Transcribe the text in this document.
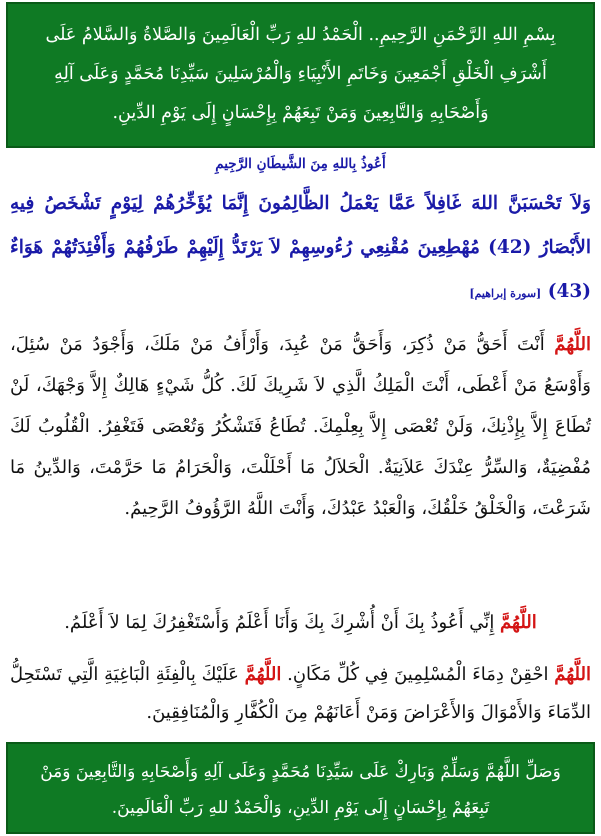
بِسْمِ اللهِ الرَّحْمَنِ الرَّحِيمِ.. الْحَمْدُ للهِ رَبِّ الْعَالَمِينَ وَالصَّلاةُ وَالسَّلامُ عَلَى أَشْرَفِ الْخَلْقِ أَجْمَعِينَ وَخَاتَمِ الأَنْبِيَاءِ وَالْمُرْسَلِينَ سَيِّدِنَا مُحَمَّدٍ وَعَلَى آلِهِ وَأَصْحَابِهِ وَالتَّابِعِينَ وَمَنْ تَبِعَهُمْ بِإِحْسَانٍ إِلَى يَوْمِ الدِّينِ.
أَعُوذُ بِاللهِ مِنَ الشَّيطَانِ الرَّجِيمِ
وَلاَ تَحْسَبَنَّ اللهَ غَافِلاً عَمَّا يَعْمَلُ الظَّالِمُونَ إِنَّمَا يُؤَخِّرُهُمْ لِيَوْمٍ تَشْخَصُ فِيهِ الأَبْصَارُ (42) مُهْطِعِينَ مُقْنِعِي رُءُوسِهِمْ لاَ يَرْتَدُّ إِلَيْهِمْ طَرْفُهُمْ وَأَفْئِدَتُهُمْ هَوَاءٌ (43) [سورة إبراهيم]
اللَّهُمَّ أَنْتَ أَحَقُّ مَنْ ذُكِرَ، وَأَحَقُّ مَنْ عُبِدَ، وَأَرْأَفُ مَنْ مَلَكَ، وَأَجْوَدُ مَنْ سُئِلَ، وَأَوْسَعُ مَنْ أَعْطَى، أَنْتَ الْمَلِكُ الَّذِي لاَ شَرِيكَ لَكَ. كُلُّ شَيْءٍ هَالِكٌ إِلاَّ وَجْهَكَ، لَنْ تُطَاعَ إِلاَّ بِإِذْنِكَ، وَلَنْ تُعْصَى إِلاَّ بِعِلْمِكَ. تُطَاعُ فَتَشْكُرُ وَتُعْصَى فَتَغْفِرُ. الْقُلُوبُ لَكَ مُفْضِيَةٌ، وَالسِّرُّ عِنْدَكَ عَلاَنِيَةٌ. الْحَلاَلُ مَا أَحْلَلْتَ، وَالْحَرَامُ مَا حَرَّمْتَ، وَالدِّينُ مَا شَرَعْتَ، وَالْخَلْقُ خَلْقُكَ، وَالْعَبْدُ عَبْدُكَ، وَأَنْتَ اللَّهُ الرَّؤُوفُ الرَّحِيمُ.
اللَّهُمَّ إِنِّي أَعُوذُ بِكَ أَنْ أُشْرِكَ بِكَ وَأَنَا أَعْلَمُ وَأَسْتَغْفِرُكَ لِمَا لاَ أَعْلَمُ.
اللَّهُمَّ احْقِنْ دِمَاءَ الْمُسْلِمِينَ فِي كُلِّ مَكَانٍ. اللَّهُمَّ عَلَيْكَ بِالْفِئَةِ الْبَاغِيَةِ الَّتِي تَسْتَحِلُّ الدِّمَاءَ وَالأَمْوَالَ وَالأَعْرَاضَ وَمَنْ أَعَانَهُمْ مِنَ الْكُفَّارِ وَالْمُنَافِقِينَ.
وَصَلِّ اللَّهُمَّ وَسَلِّمْ وَبَارِكْ عَلَى سَيِّدِنَا مُحَمَّدٍ وَعَلَى آلِهِ وَأَصْحَابِهِ وَالتَّابِعِينَ وَمَنْ تَبِعَهُمْ بِإِحْسَانٍ إِلَى يَوْمِ الدِّينِ، وَالْحَمْدُ للهِ رَبِّ الْعَالَمِينَ.
